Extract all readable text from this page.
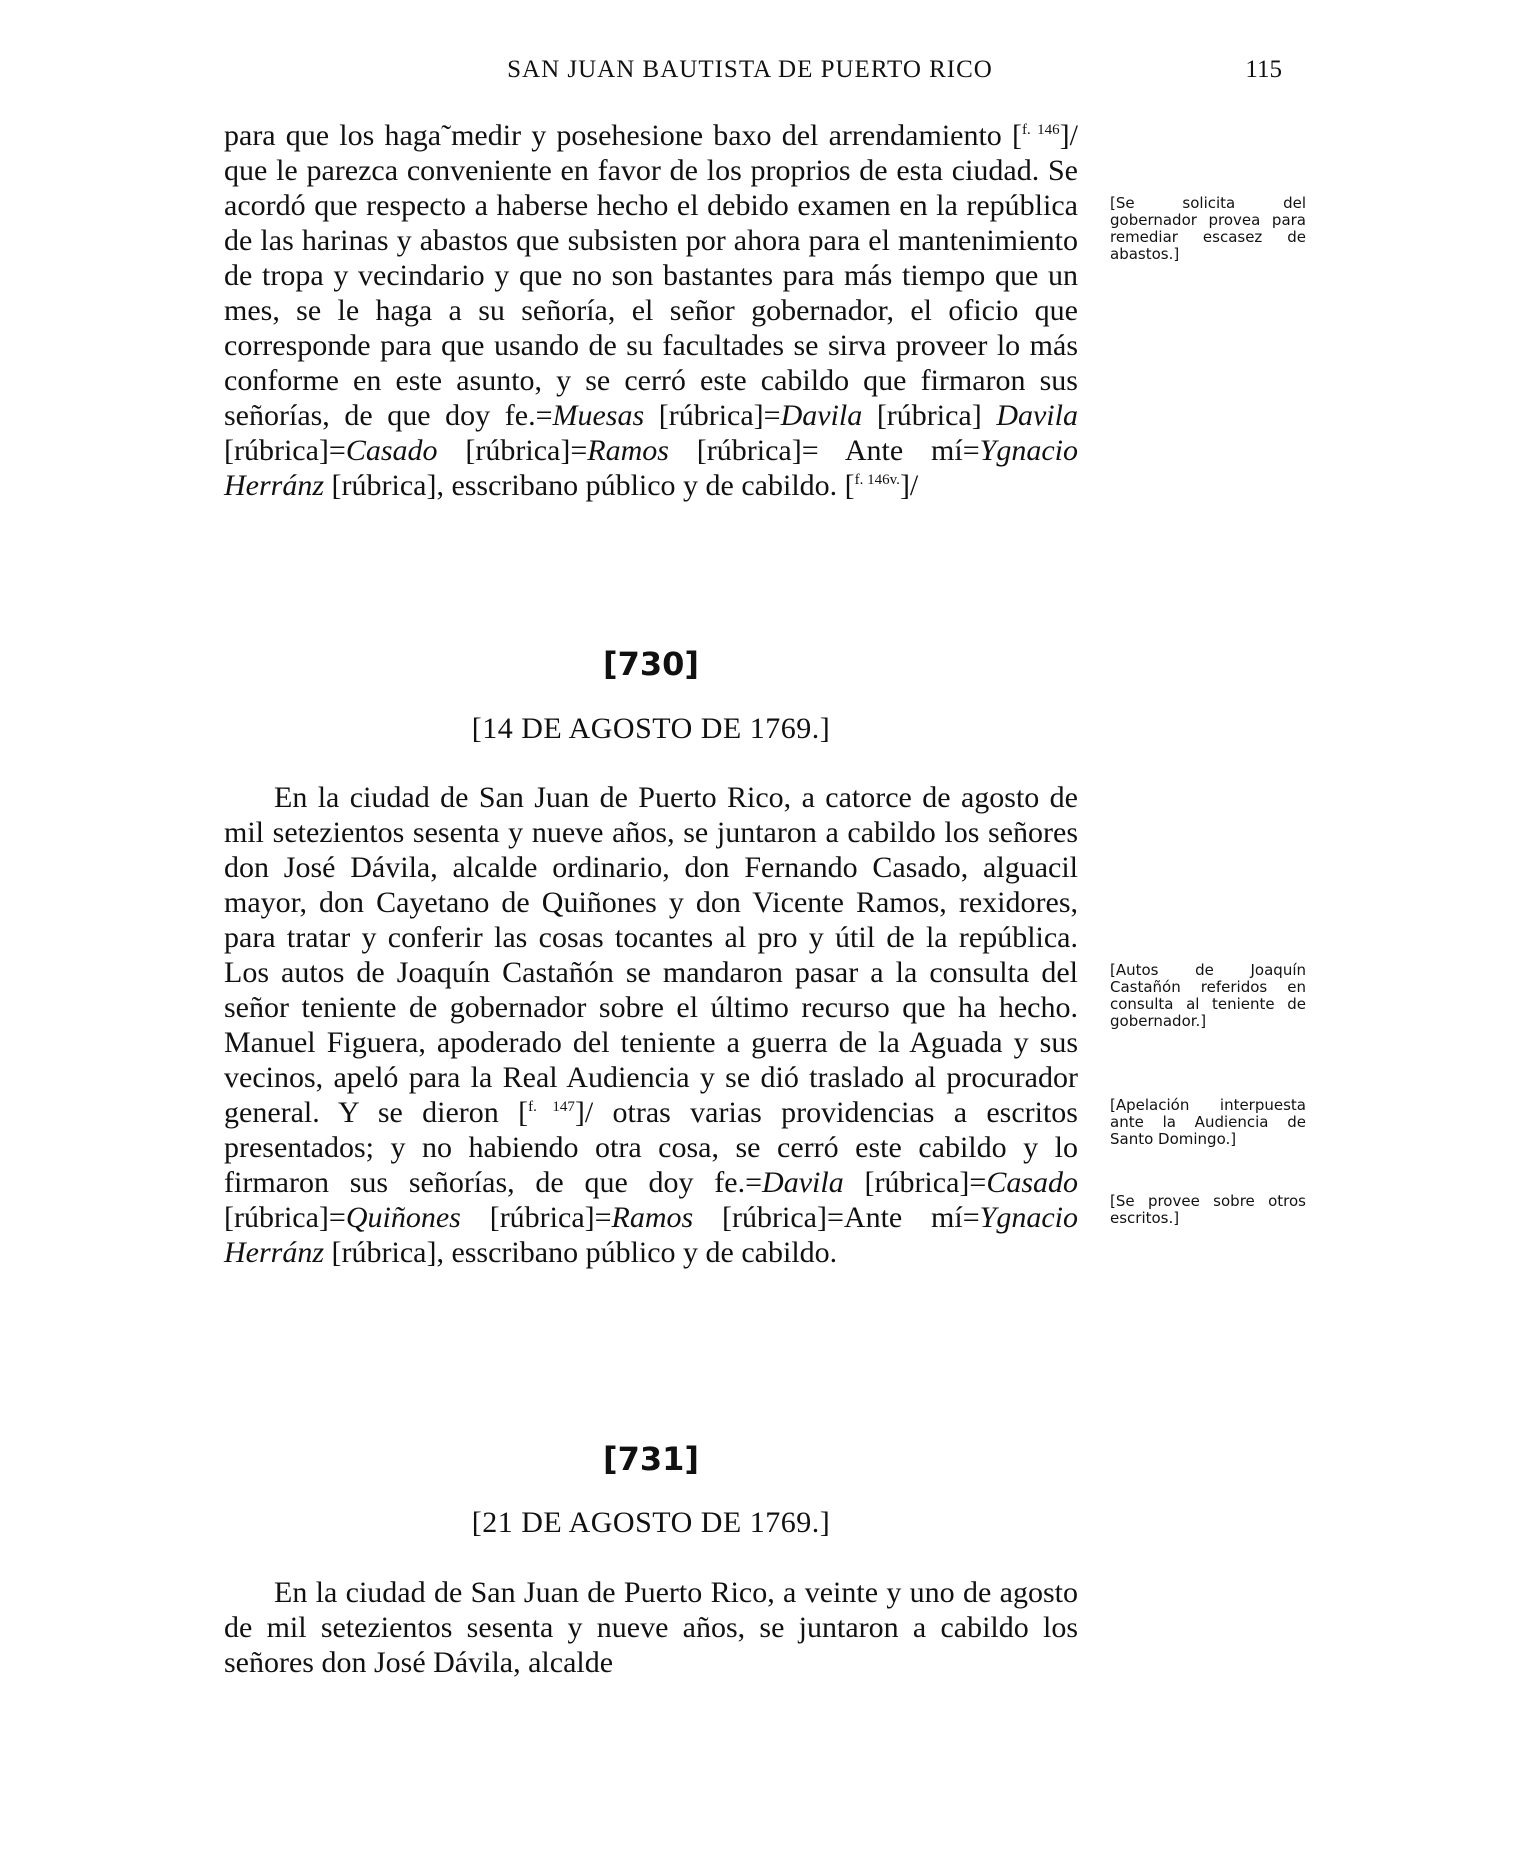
SAN JUAN BAUTISTA DE PUERTO RICO	115

para que los haga˜medir y posehesione baxo del arrendamiento [$^{f. 146}$]/ que le parezca conveniente en favor de los proprios de esta ciudad. Se acordó que respecto a haberse hecho el debido examen en la república de las harinas y abastos que subsisten por ahora para el mantenimiento de tropa y vecindario y que no son bastantes para más tiempo que un mes, se le haga a su señoría, el señor gobernador, el oficio que corresponde para que usando de su facultades se sirva proveer lo más conforme en este asunto, y se cerró este cabildo que firmaron sus señorías, de que doy fe.=Muesas [rúbrica]=Davila [rúbrica] Davila [rúbrica]=Casado [rúbrica]=Ramos [rúbrica]= Ante mí=Ygnacio Herránz [rúbrica], esscribano público y de cabildo. [$^{f. 146v.}$]/

[Se solicita del gobernador provea para remediar escasez de abastos.]
[730]
[14 DE AGOSTO DE 1769.]

En la ciudad de San Juan de Puerto Rico, a catorce de agosto de mil setezientos sesenta y nueve años, se juntaron a cabildo los señores don José Dávila, alcalde ordinario, don Fernando Casado, alguacil mayor, don Cayetano de Quiñones y don Vicente Ramos, rexidores, para tratar y conferir las cosas tocantes al pro y útil de la república. Los autos de Joaquín Castañón se mandaron pasar a la consulta del señor teniente de gobernador sobre el último recurso que ha hecho. Manuel Figuera, apoderado del teniente a guerra de la Aguada y sus vecinos, apeló para la Real Audiencia y se dió traslado al procurador general. Y se dieron [$^{f. 147}$]/ otras varias providencias a escritos presentados; y no habiendo otra cosa, se cerró este cabildo y lo firmaron sus señorías, de que doy fe.=Davila [rúbrica]=Casado [rúbrica]=Quiñones [rúbrica]=Ramos [rúbrica]=Ante mí=Ygnacio Herránz [rúbrica], esscribano público y de cabildo.

[Autos de Joaquín Castañón referidos en consulta al teniente de gobernador.]
[Apelación interpuesta ante la Audiencia de Santo Domingo.]
[Se provee sobre otros escritos.]
[731]
[21 DE AGOSTO DE 1769.]

En la ciudad de San Juan de Puerto Rico, a veinte y uno de agosto de mil setezientos sesenta y nueve años, se juntaron a cabildo los señores don José Dávila, alcalde
